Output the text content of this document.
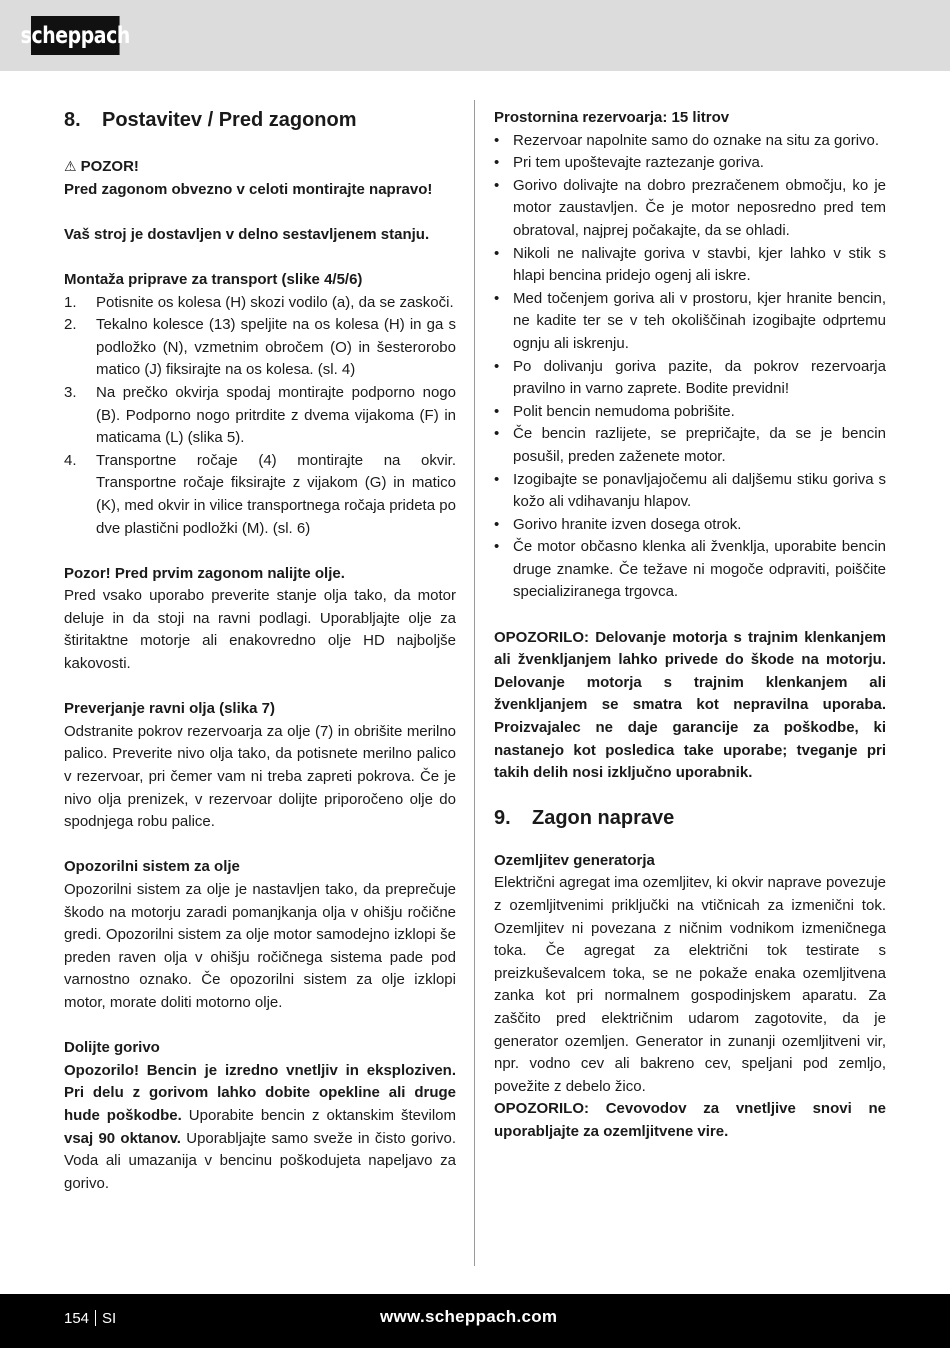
scheppach
8.	Postavitev / Pred zagonom
⚠ POZOR!

Pred zagonom obvezno v celoti montirajte napravo!

Vaš stroj je dostavljen v delno sestavljenem stanju.

Montaža priprave za transport (slike 4/5/6)
1.	Potisnite os kolesa (H) skozi vodilo (a), da se zaskoči.
2.	Tekalno kolesce (13) speljite na os kolesa (H) in ga s podložko (N), vzmetnim obročem (O) in šesterorobo matico (J) fiksirajte na os kolesa. (sl. 4)
3.	Na prečko okvirja spodaj montirajte podporno nogo (B). Podporno nogo pritrdite z dvema vijakoma (F) in maticama (L) (slika 5).
4.	Transportne ročaje (4) montirajte na okvir. Transportne ročaje fiksirajte z vijakom (G) in matico (K), med okvir in vilice transportnega ročaja prideta po dve plastični podložki (M). (sl. 6)
Pozor! Pred prvim zagonom nalijte olje.

Pred vsako uporabo preverite stanje olja tako, da motor deluje in da stoji na ravni podlagi. Uporabljajte olje za štiritaktne motorje ali enakovredno olje HD najboljše kakovosti.

Preverjanje ravni olja (slika 7)

Odstranite pokrov rezervoarja za olje (7) in obrišite merilno palico. Preverite nivo olja tako, da potisnete merilno palico v rezervoar, pri čemer vam ni treba zapreti pokrova. Če je nivo olja prenizek, v rezervoar dolijte priporočeno olje do spodnjega robu palice.

Opozorilni sistem za olje

Opozorilni sistem za olje je nastavljen tako, da preprečuje škodo na motorju zaradi pomanjkanja olja v ohišju ročične gredi. Opozorilni sistem za olje motor samodejno izklopi še preden raven olja v ohišju ročičnega sistema pade pod varnostno oznako. Če opozorilni sistem za olje izklopi motor, morate doliti motorno olje.

Dolijte gorivo

Opozorilo! Bencin je izredno vnetljiv in eksploziven. Pri delu z gorivom lahko dobite opekline ali druge hude poškodbe. Uporabite bencin z oktanskim številom vsaj 90 oktanov. Uporabljajte samo sveže in čisto gorivo. Voda ali umazanija v bencinu poškodujeta napeljavo za gorivo.

Prostornina rezervoarja: 15 litrov
• Rezervoar napolnite samo do oznake na situ za gorivo.
• Pri tem upoštevajte raztezanje goriva.
• Gorivo dolivajte na dobro prezračenem območju, ko je motor zaustavljen. Če je motor neposredno pred tem obratoval, najprej počakajte, da se ohladi.
• Nikoli ne nalivajte goriva v stavbi, kjer lahko v stik s hlapi bencina pridejo ogenj ali iskre.
• Med točenjem goriva ali v prostoru, kjer hranite bencin, ne kadite ter se v teh okoliščinah izogibajte odprtemu ognju ali iskrenju.
• Po dolivanju goriva pazite, da pokrov rezervoarja pravilno in varno zaprete. Bodite previdni!
• Polit bencin nemudoma pobrišite.
• Če bencin razlijete, se prepričajte, da se je bencin posušil, preden zaženete motor.
• Izogibajte se ponavljajočemu ali daljšemu stiku goriva s kožo ali vdihavanju hlapov.
• Gorivo hranite izven dosega otrok.
• Če motor občasno klenka ali žvenklja, uporabite bencin druge znamke. Če težave ni mogoče odpraviti, poiščite specializiranega trgovca.

OPOZORILO: Delovanje motorja s trajnim klenkanjem ali žvenkljanjem lahko privede do škode na motorju. Delovanje motorja s trajnim klenkanjem ali žvenkljanjem se smatra kot nepravilna uporaba. Proizvajalec ne daje garancije za poškodbe, ki nastanejo kot posledica take uporabe; tveganje pri takih delih nosi izključno uporabnik.

9.	Zagon naprave
Ozemljitev generatorja

Električni agregat ima ozemljitev, ki okvir naprave povezuje z ozemljitvenimi priključki na vtičnicah za izmenični tok. Ozemljitev ni povezana z ničnim vodnikom izmeničnega toka. Če agregat za električni tok testirate s preizkuševalcem toka, se ne pokaže enaka ozemljitvena zanka kot pri normalnem gospodinjskem aparatu. Za zaščito pred električnim udarom zagotovite, da je generator ozemljen. Generator in zunanji ozemljitveni vir, npr. vodno cev ali bakreno cev, speljani pod zemljo, povežite z debelo žico.

OPOZORILO: Cevovodov za vnetljive snovi ne uporabljajte za ozemljitvene vire.

154 SI	www.scheppach.com
